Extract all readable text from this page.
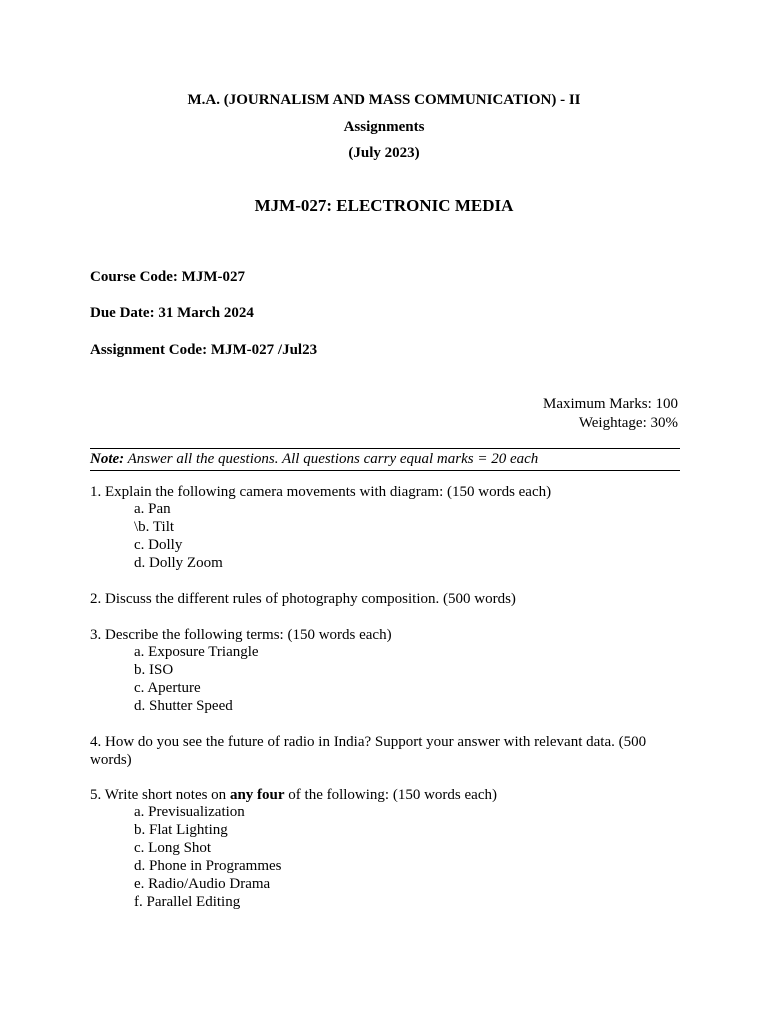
M.A. (JOURNALISM AND MASS COMMUNICATION) - II
Assignments
(July 2023)
MJM-027: ELECTRONIC MEDIA
Course Code: MJM-027
Due Date: 31 March 2024
Assignment Code: MJM-027 /Jul23
Maximum Marks: 100
Weightage: 30%
Note: Answer all the questions. All questions carry equal marks = 20 each
1. Explain the following camera movements with diagram: (150 words each)
a. Pan
\b. Tilt
c. Dolly
d. Dolly Zoom
2. Discuss the different rules of photography composition. (500 words)
3. Describe the following terms: (150 words each)
a. Exposure Triangle
b. ISO
c. Aperture
d. Shutter Speed
4. How do you see the future of radio in India? Support your answer with relevant data. (500
words)
5. Write short notes on any four of the following: (150 words each)
a. Previsualization
b. Flat Lighting
c. Long Shot
d. Phone in Programmes
e. Radio/Audio Drama
f. Parallel Editing
